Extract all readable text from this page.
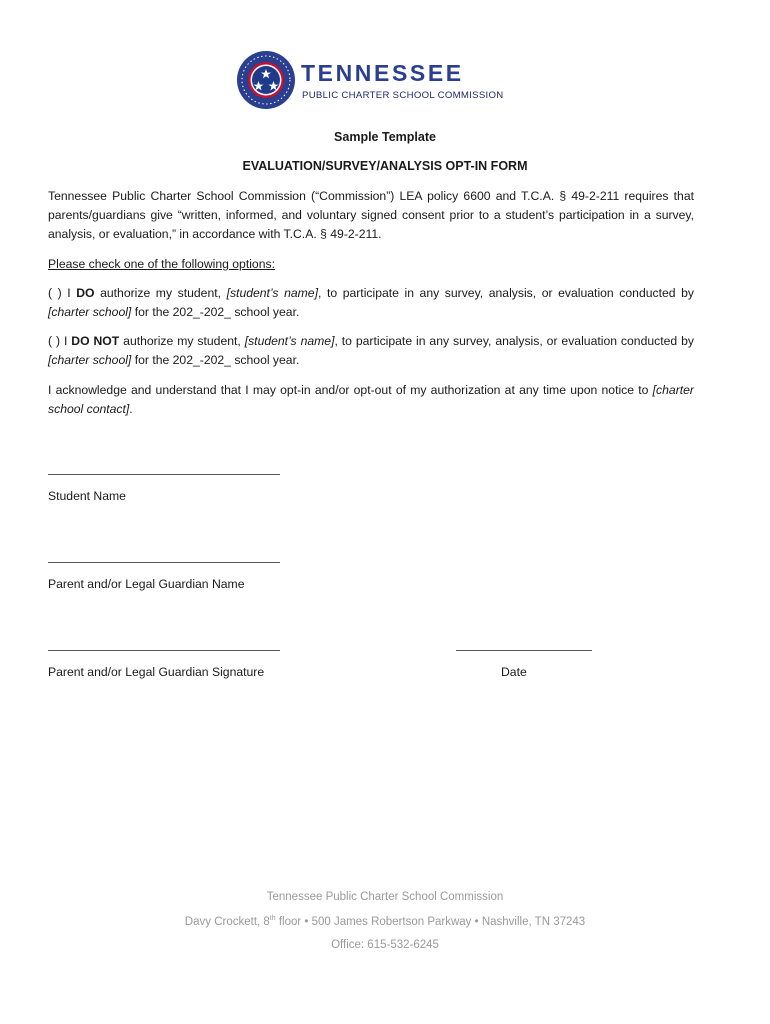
TENNESSEE
PUBLIC CHARTER SCHOOL COMMISSION
Sample Template
EVALUATION/SURVEY/ANALYSIS OPT-IN FORM
Tennessee Public Charter School Commission (“Commission”) LEA policy 6600 and T.C.A. § 49-2-211 requires that parents/guardians give “written, informed, and voluntary signed consent prior to a student’s participation in a survey, analysis, or evaluation,” in accordance with T.C.A. § 49-2-211.
Please check one of the following options:
( ) I DO authorize my student, [student’s name], to participate in any survey, analysis, or evaluation conducted by [charter school] for the 202_-202_ school year.
( ) I DO NOT authorize my student, [student’s name], to participate in any survey, analysis, or evaluation conducted by [charter school] for the 202_-202_ school year.
I acknowledge and understand that I may opt-in and/or opt-out of my authorization at any time upon notice to [charter school contact].
Student Name
Parent and/or Legal Guardian Name
Parent and/or Legal Guardian Signature	Date
Tennessee Public Charter School Commission
Davy Crockett, 8th floor • 500 James Robertson Parkway • Nashville, TN 37243
Office: 615-532-6245
